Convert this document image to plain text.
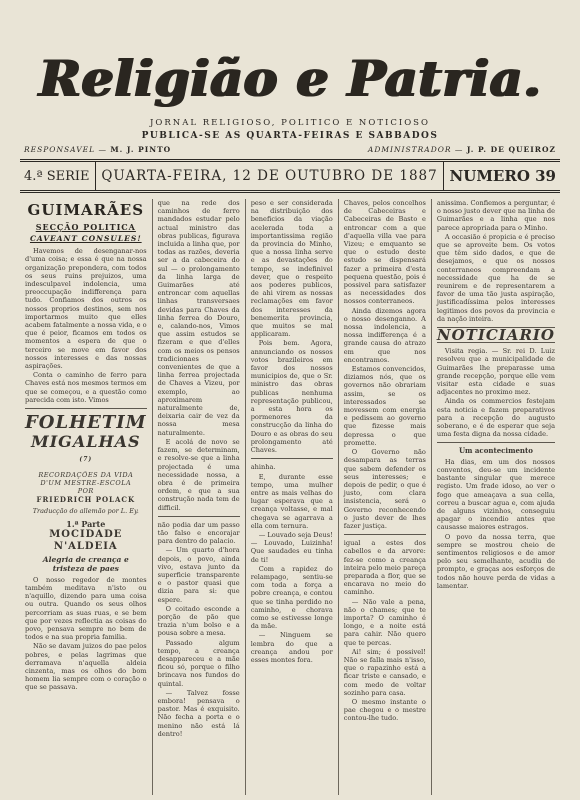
Religião e Patria.
JORNAL RELIGIOSO, POLITICO E NOTICIOSO
PUBLICA-SE AS QUARTA-FEIRAS E SABBADOS
RESPONSAVEL — M. J. PINTO	ADMINISTRADOR — J. P. DE QUEIROZ
4.ª SERIE QUARTA-FEIRA, 12 DE OUTUBRO DE 1887 NUMERO 39
GUIMARÃES
SECÇÃO POLITICA
CAVEANT CONSULES!

Havemos de desenganar-nos d'uma coisa; e essa é que na nossa organização prepondera, com todos os seus ruins prejuizos, uma indesculpavel indolencia, uma preoccupação indifferença para tudo. Confiamos dos outros os nossos proprios destinos, sem nos importarmos muito que elles acabem fatalmente a nossa vida, e o que é peior, ficamos em todos os momentos a espera de que o terceiro se move em favor dos nossos interesses e das nossas aspirações.

Conta o caminho de ferro para Chaves está nos mesmos termos em que se começou, e a questão como parecida com isto. Vimos

FOLHETIM
MIGALHAS $^{(7)}$
RECORDAÇÕES DA VIDA
D'UM MESTRE-ESCOLA
POR
FRIEDRICH POLACK
Traducção do allemão por L. Ey.
1.ª Parte
MOCIDADE N'ALDEIA
Alegria de creança e
tristeza de paes

O nosso regedor de montes também meditava n'isto ou n'aquillo, dizendo para uma coisa ou outra. Quando os seus olhos percorriam as suas ruas, e se bem que por vezes reflectia as coisas do povo, pensava sempre no bem de todos e na sua propria familia.

Não se davam juizos do pae pelos pobres, e pelas lagrimas que derramava n'aquella aldeia cinzenta, mas os olhos do bom homem lia sempre com o coração o que se passava.

que na rede dos caminhos de ferro mandados estudar pelo actual ministro das obras publicas, figurava incluida a linha que, por todas as razões, deveria ser a da cabeceira do sul — o prolongamento da linha larga de Guimarães até entroncar com aquellas linhas transversaes devidas para Chaves da linha ferrea do Douro, e, calando-nos, Vimos que assim estudos se fizeram e que d'elles com os meios os pensos tradicionaes convenientes de que a linha ferrea projectada de Chaves a Vizeu, por exemplo, ao aproximarem naturalmente de, deixaria cair de vez da nossa mesa naturalmente.

E acolá de novo se fazem, se determinam, e resolve-se que a linha projectada é uma necessidade nossa, a obra é de primeira ordem, e que a sua construção nada tem de difficil.

não podia dar um passo tão falso e encorajar para dentro do palacio.

— Um quarto d'hora depois, o povo, ainda vivo, estava junto da superficie transparente e o pastor quasi que dizia para si: que espere.

O coitado esconde a porção de pão que trazia n'um bolso e a pousa sobre a mesa.

Passado algum tempo, a creança desappareceu e a mãe ficou só, porque o filho brincava nos fundos do quintal.

— Talvez fosse embora! pensava o pastor. Mas é exquisito. Não fecha a porta e o menino não está lá dentro!

peso e ser considerada na distribuição dos beneficios da viação acelerada toda a importantissima região da provincia do Minho, que a nossa linha serve e as devastações do tempo, se indefinivel dever, que o respeito aos poderes publicos, de ahi virem as nossas reclamações em favor dos interesses da benemerita provincia, que muitos se mal applicaram.

Pois bem. Agora, annunciando os nossos votos brazileiros em favor dos nossos municipios de, que o Sr. ministro das obras publicas nenhuma representação publicou, a esta hora os pormenores da construcção da linha do Douro e as obras do seu prolongamento até Chaves.

ahinha.

E, durante esse tempo, uma mulher entre as mais velhas do lugar esperava que a creança voltasse, e mal chegava se agarrava a ella com ternura.

— Louvado seja Deus! — Louvado, Luizinha! Que saudades eu tinha de ti!

Com a rapidez do relampago, sentiu-se com toda a força a pobre creança, e contou que se tinha perdido no caminho, e chorava como se estivesse longe da mãe.

— Ninguem se lembra do que a creança andou por esses montes fora.

Chaves, pelos concelhos de Cabeceiras e Cabeceiras de Basto e entroncar com a que d'aquella villa vae para Vizeu; e emquanto se que o estudo deste estudo se dispensará fazer a primeira d'esta pequena questão, pois é possivel para satisfazer as necessidades dos nossos conterraneos.

Ainda dizemos agora o nosso desenganno. A nossa indolencia, a nossa indifferença é a grande causa do atrazo em que nos encontramos.

Estamos convencidos, diziamos nós, que os governos não obrariam assim, se os interessados se movessem com energia e pedissem ao governo que fizesse mais depressa o que promette.

O Governo não desampara as terras que sabem defender os seus interesses; e depois de pedir, o que é justo, com clara insistencia, será o Governo reconhecendo o justo dever de lhes fazer justiça.

igual a estes dos cabellos e da arvore: fez-se como a creança inteira pelo meio pareça preparada a flor, que se encarava no meio do caminho.

— Não vale a pena, não o chames; que te importa? O caminho é longo, e a noite está para cahir. Não quero que te percas.

Ai! sim; é possivel! Não se falla mais n'isso, que o rapazinho está a ficar triste e cansado, e com medo de voltar sozinho para casa.

O mesmo instante o pae chegou e o mestre contou-lhe tudo.

anissima. Confiemos a perguntar, é o nosso justo dever que na linha de Guimarães e a linha que nos parece apropriada para o Minho.

A occasião é propicia e é preciso que se aproveite bem. Os votos que têm sido dados, e que de desejamos, e que os nossos conterraneos compreendam a necessidade que ha de se reunirem e de representarem a favor de uma tão justa aspiração, justificadíssima pelos interesses legitimos dos povos da provincia e da nação inteira.

NOTICIARIO

Visita regia. — Sr. rei D. Luiz resolveu que a municipalidade de Guimarães lhe preparasse uma grande recepção, porque elle vem visitar esta cidade e suas adjacentes no proximo mez.

Ainda os commercios festejam esta noticia e fazem preparativos para a recepção do augusto soberano, e é de esperar que seja uma festa digna da nossa cidade.

Um acontecimento

Ha dias, em um dos nossos conventos, deu-se um incidente bastante singular que merece registo. Um frade idoso, ao ver o fogo que ameaçava a sua cella, correu a buscar agua e, com ajuda de alguns vizinhos, conseguiu apagar o incendio antes que causasse maiores estragos.

O povo da nossa terra, que sempre se mostrou cheio de sentimentos religiosos e de amor pelo seu semelhante, acudiu de prompto, e graças aos esforços de todos não houve perda de vidas a lamentar.
